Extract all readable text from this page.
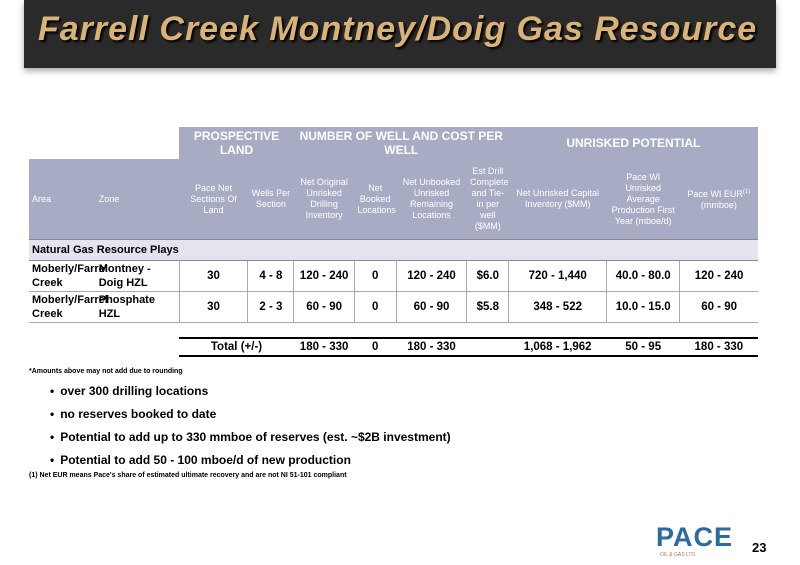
Farrell Creek Montney/Doig Gas Resource
		PROSPECTIVE LAND		NUMBER OF WELL AND COST PER WELL				UNRISKED POTENTIAL		
Area	Zone	Pace Net Sections Of Land	Wells Per Section	Net Original Unrisked Drilling Inventory	Net Booked Locations	Net Unbooked Unrisked Remaining Locations	Est Drill Complete and Tie-in per well ($MM)	Net Unrisked Capital Inventory ($MM)	Pace WI Unrisked Average Production First Year (mboe/d)	Pace WI EUR$^{(1)}$
(mmboe)
Natural Gas Resource Plays										
Moberly/Farrel Creek	Montney - Doig HZL	30	4 - 8	120 - 240	0	120 - 240	$6.0	720 - 1,440	40.0 - 80.0	120 - 240
Moberly/Farrel Creek	Phosphate HZL	30	2 - 3	60 - 90	0	60 - 90	$5.8	348 - 522	10.0 - 15.0	60 - 90

		Total (+/-)		180 - 330	0	180 - 330		1,068 - 1,962	50 - 95	180 - 330
*Amounts above may not add due to rounding
• over 300 drilling locations
• no reserves booked to date
• Potential to add up to 330 mmboe of reserves (est. ~$2B investment)
• Potential to add 50 - 100 mboe/d of new production
(1) Net EUR means Pace's share of estimated ultimate recovery and are not NI 51-101 compliant
PACE
OIL & GAS LTD.	23
